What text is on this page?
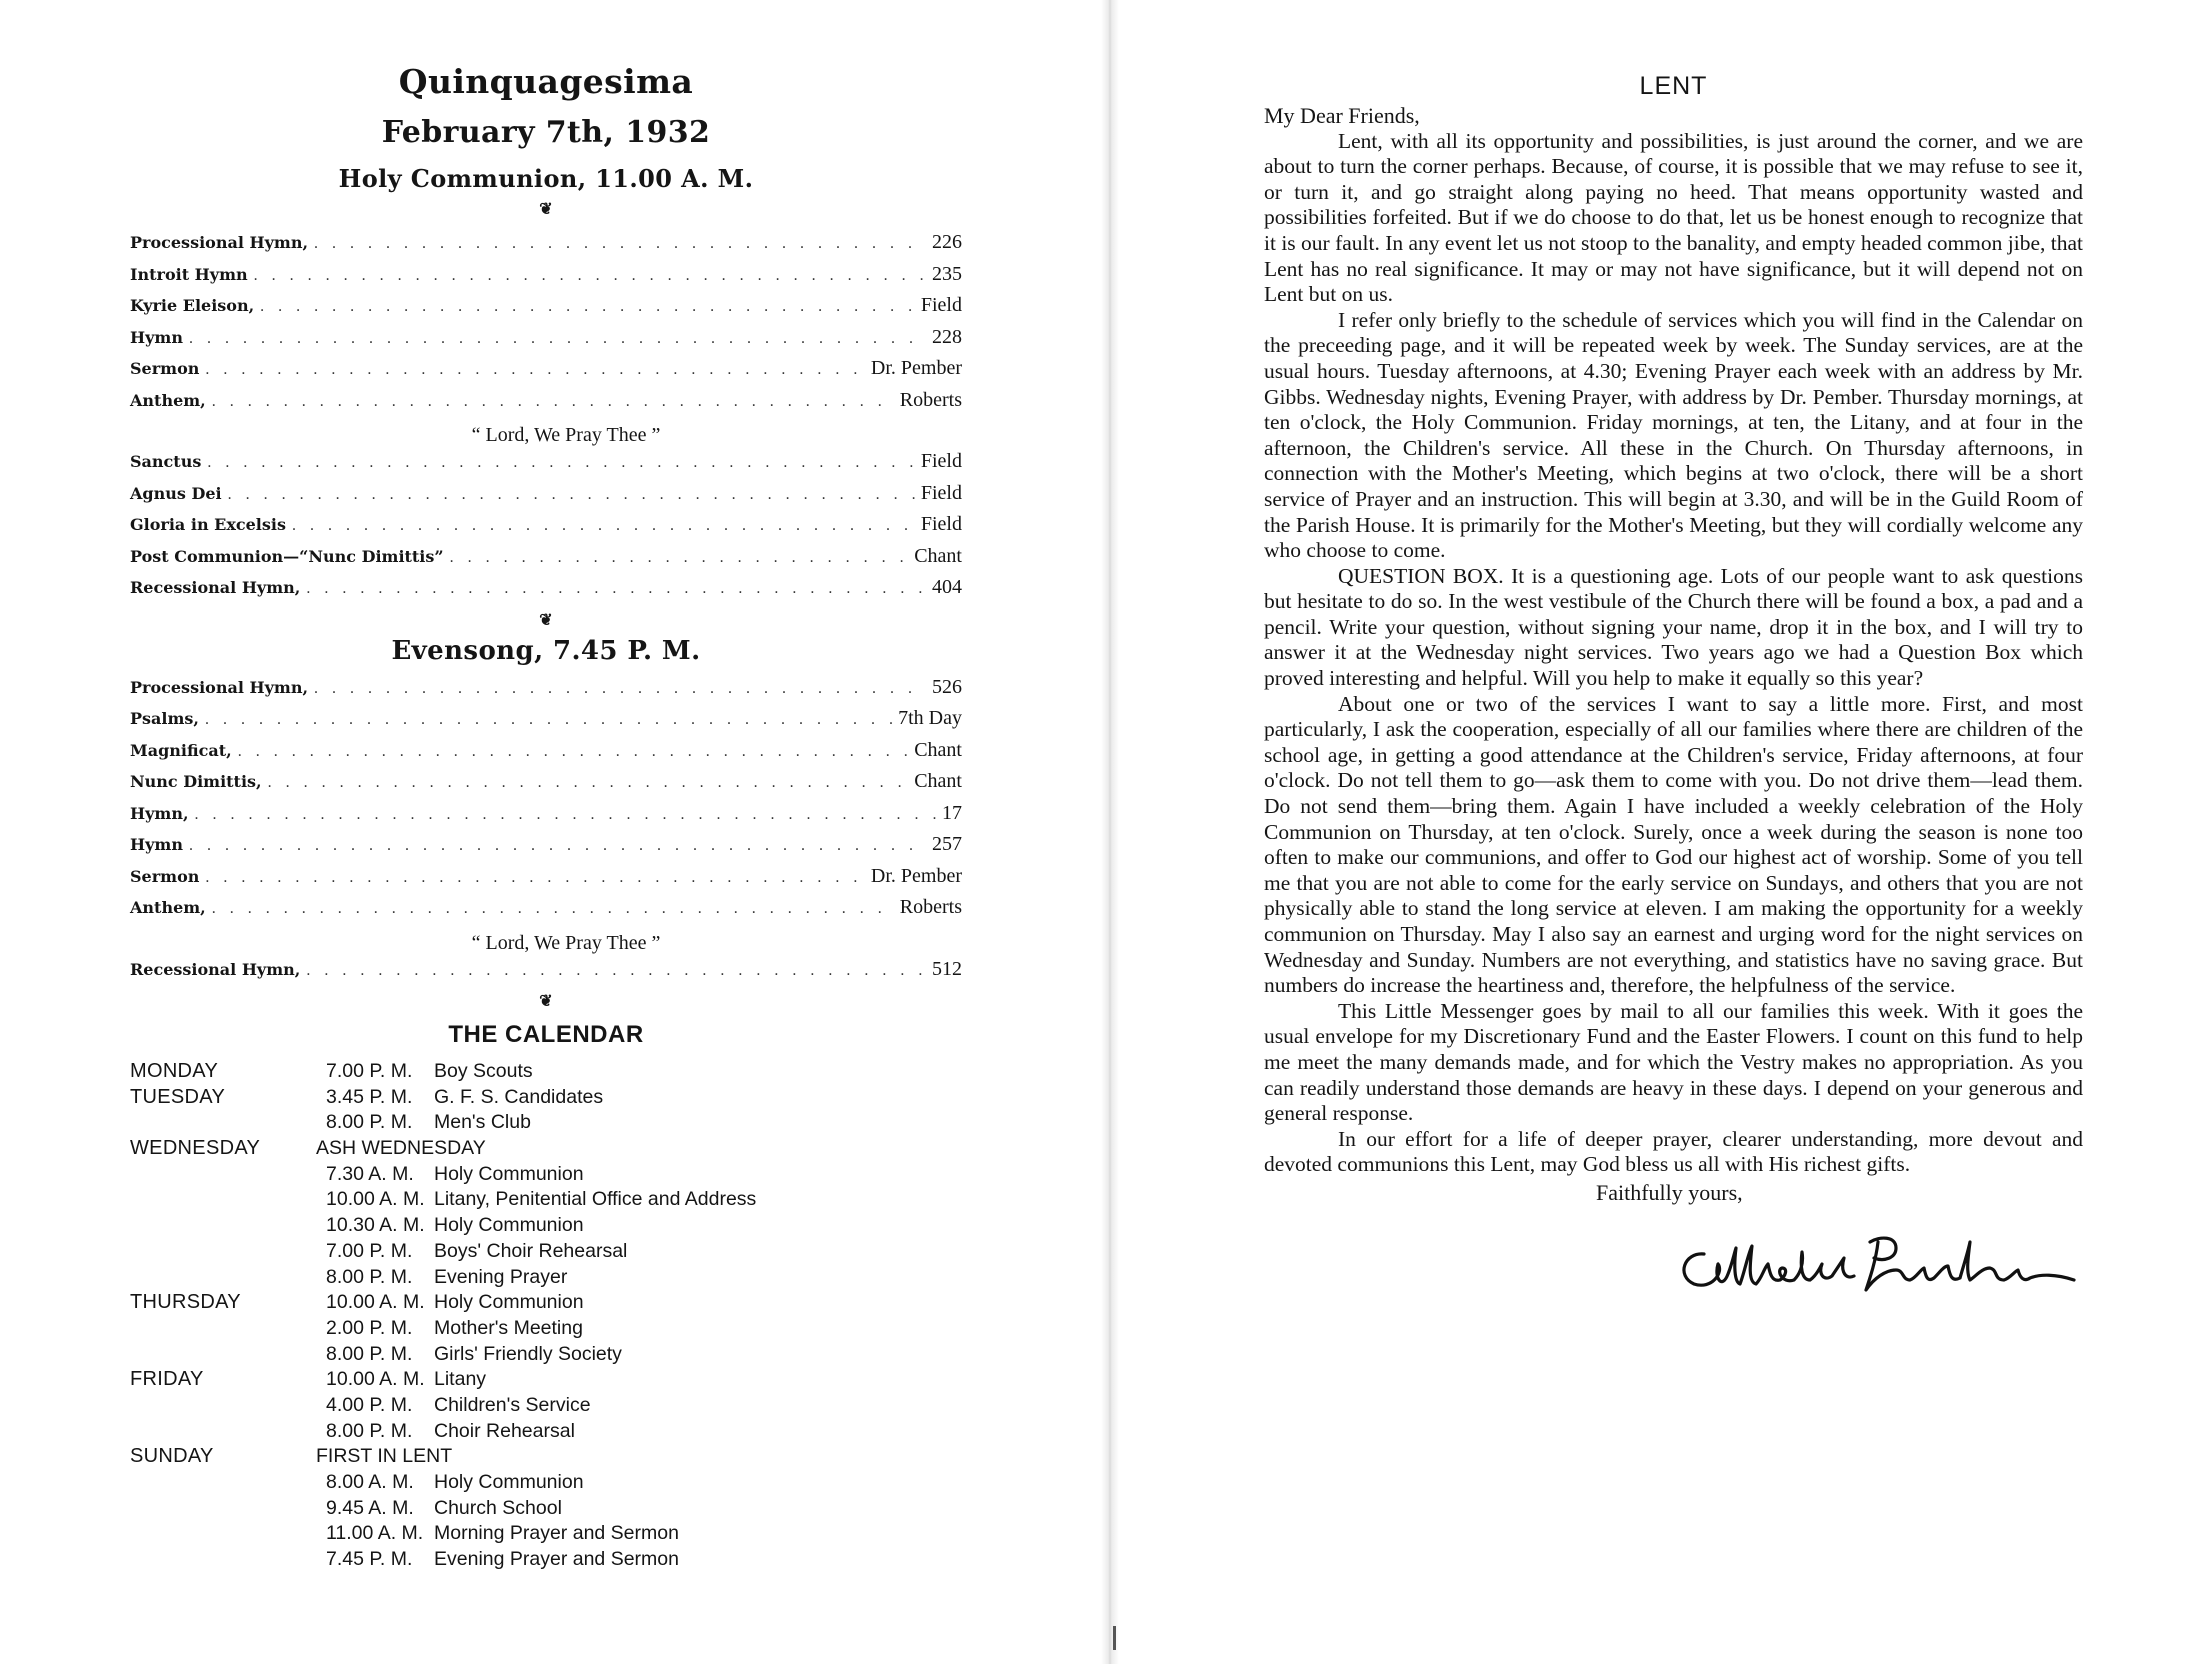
Quinquagesima
February 7th, 1932
Holy Communion, 11.00 A. M.
❦
Processional Hymn, . . .	226
Introit Hymn . . .	235
Kyrie Eleison, . . .	Field
Hymn . . .	228
Sermon . . .	Dr. Pember
Anthem, . . .	Roberts
“ Lord, We Pray Thee ”
Sanctus . . .	Field
Agnus Dei . . .	Field
Gloria in Excelsis . . .	Field
Post Communion—“Nunc Dimittis” . . .	Chant
Recessional Hymn, . . .	404
❦
Evensong, 7.45 P. M.
Processional Hymn, . . .	526
Psalms, . . .	7th Day
Magnificat, . . .	Chant
Nunc Dimittis, . . .	Chant
Hymn, . . .	17
Hymn . . .	257
Sermon . . .	Dr. Pember
Anthem, . . .	Roberts
“ Lord, We Pray Thee ”
Recessional Hymn, . . .	512
❦
THE CALENDAR
MONDAY	7.00 P. M.	Boy Scouts
TUESDAY	3.45 P. M.	G. F. S. Candidates
8.00 P. M.	Men's Club
WEDNESDAY	ASH WEDNESDAY
7.30 A. M.	Holy Communion
10.00 A. M. Litany, Penitential Office and Address
10.30 A. M. Holy Communion
7.00 P. M.	Boys' Choir Rehearsal
8.00 P. M.	Evening Prayer
THURSDAY	10.00 A. M. Holy Communion
2.00 P. M.	Mother's Meeting
8.00 P. M.	Girls' Friendly Society
FRIDAY	10.00 A. M. Litany
4.00 P. M.	Children's Service
8.00 P. M.	Choir Rehearsal
SUNDAY	FIRST IN LENT
8.00 A. M.	Holy Communion
9.45 A. M.	Church School
11.00 A. M. Morning Prayer and Sermon
7.45 P. M.	Evening Prayer and Sermon
LENT
My Dear Friends,

Lent, with all its opportunity and possibilities, is just around the corner, and we are about to turn the corner perhaps. Because, of course, it is possible that we may refuse to see it, or turn it, and go straight along paying no heed. That means opportunity wasted and possibilities forfeited. But if we do choose to do that, let us be honest enough to recognize that it is our fault. In any event let us not stoop to the banality, and empty headed common jibe, that Lent has no real significance. It may or may not have significance, but it will depend not on Lent but on us.

I refer only briefly to the schedule of services which you will find in the Calendar on the preceeding page, and it will be repeated week by week. The Sunday services, are at the usual hours. Tuesday afternoons, at 4.30; Evening Prayer each week with an address by Mr. Gibbs. Wednesday nights, Evening Prayer, with address by Dr. Pember. Thursday mornings, at ten o'clock, the Holy Communion. Friday mornings, at ten, the Litany, and at four in the afternoon, the Children's service. All these in the Church. On Thursday afternoons, in connection with the Mother's Meeting, which begins at two o'clock, there will be a short service of Prayer and an instruction. This will begin at 3.30, and will be in the Guild Room of the Parish House. It is primarily for the Mother's Meeting, but they will cordially welcome any who choose to come.

QUESTION BOX. It is a questioning age. Lots of our people want to ask questions but hesitate to do so. In the west vestibule of the Church there will be found a box, a pad and a pencil. Write your question, without signing your name, drop it in the box, and I will try to answer it at the Wednesday night services. Two years ago we had a Question Box which proved interesting and helpful. Will you help to make it equally so this year?

About one or two of the services I want to say a little more. First, and most particularly, I ask the cooperation, especially of all our families where there are children of the school age, in getting a good attendance at the Children's service, Friday afternoons, at four o'clock. Do not tell them to go—ask them to come with you. Do not drive them—lead them. Do not send them—bring them. Again I have included a weekly celebration of the Holy Communion on Thursday, at ten o'clock. Surely, once a week during the season is none too often to make our communions, and offer to God our highest act of worship. Some of you tell me that you are not able to come for the early service on Sundays, and others that you are not physically able to stand the long service at eleven. I am making the opportunity for a weekly communion on Thursday. May I also say an earnest and urging word for the night services on Wednesday and Sunday. Numbers are not everything, and statistics have no saving grace. But numbers do increase the heartiness and, therefore, the helpfulness of the service.

This Little Messenger goes by mail to all our families this week. With it goes the usual envelope for my Discretionary Fund and the Easter Flowers. I count on this fund to help me meet the many demands made, and for which the Vestry makes no appropriation. As you can readily understand those demands are heavy in these days. I depend on your generous and general response.

In our effort for a life of deeper prayer, clearer understanding, more devout and devoted communions this Lent, may God bless us all with His richest gifts.

Faithfully yours,
